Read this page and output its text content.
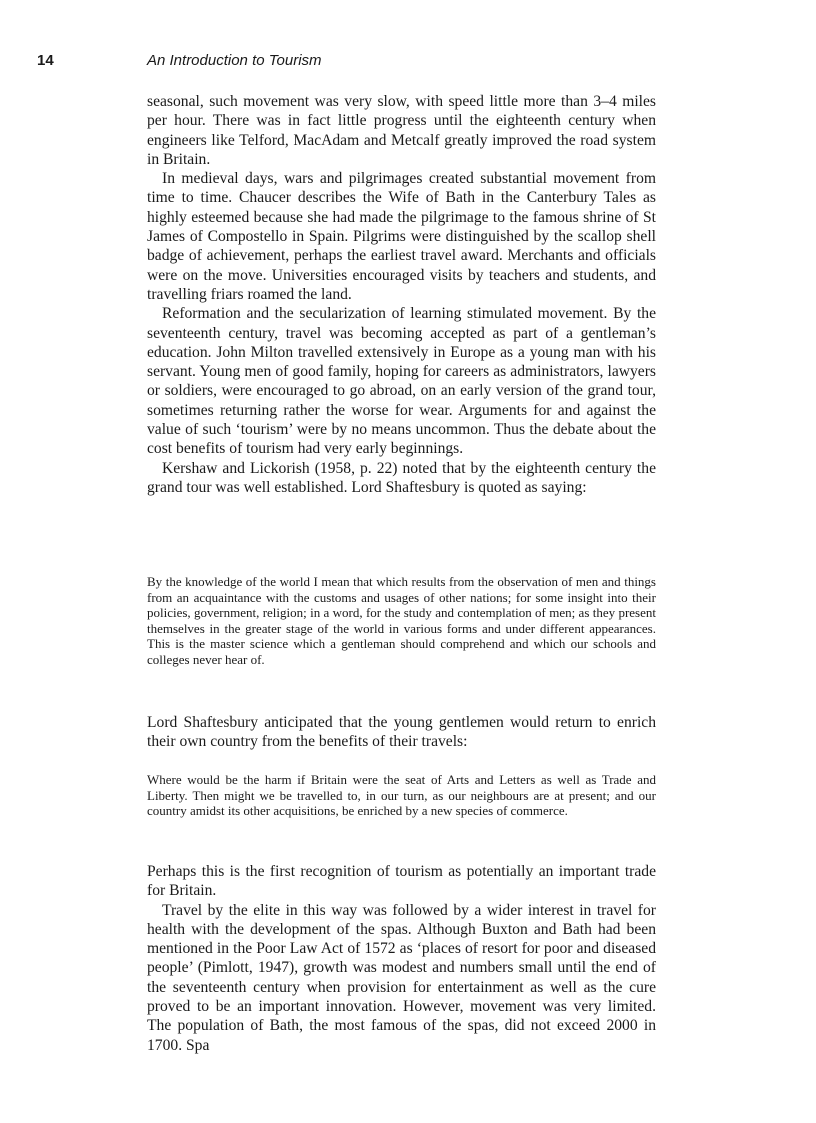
14	An Introduction to Tourism

seasonal, such movement was very slow, with speed little more than 3–4 miles per hour. There was in fact little progress until the eighteenth century when engineers like Telford, MacAdam and Metcalf greatly improved the road system in Britain.

In medieval days, wars and pilgrimages created substantial movement from time to time. Chaucer describes the Wife of Bath in the Canterbury Tales as highly esteemed because she had made the pilgrimage to the famous shrine of St James of Compostello in Spain. Pilgrims were distinguished by the scallop shell badge of achievement, perhaps the earliest travel award. Merchants and officials were on the move. Universities encouraged visits by teachers and students, and travelling friars roamed the land.

Reformation and the secularization of learning stimulated movement. By the seventeenth century, travel was becoming accepted as part of a gentleman’s education. John Milton travelled extensively in Europe as a young man with his servant. Young men of good family, hoping for careers as administrators, lawyers or soldiers, were encouraged to go abroad, on an early version of the grand tour, sometimes returning rather the worse for wear. Arguments for and against the value of such ‘tourism’ were by no means uncommon. Thus the debate about the cost benefits of tourism had very early beginnings.

Kershaw and Lickorish (1958, p. 22) noted that by the eighteenth century the grand tour was well established. Lord Shaftesbury is quoted as saying:

By the knowledge of the world I mean that which results from the observation of men and things from an acquaintance with the customs and usages of other nations; for some insight into their policies, government, religion; in a word, for the study and contemplation of men; as they present themselves in the greater stage of the world in various forms and under different appearances. This is the master science which a gentleman should comprehend and which our schools and colleges never hear of.

Lord Shaftesbury anticipated that the young gentlemen would return to enrich their own country from the benefits of their travels:

Where would be the harm if Britain were the seat of Arts and Letters as well as Trade and Liberty. Then might we be travelled to, in our turn, as our neighbours are at present; and our country amidst its other acquisitions, be enriched by a new species of commerce.

Perhaps this is the first recognition of tourism as potentially an important trade for Britain.

Travel by the elite in this way was followed by a wider interest in travel for health with the development of the spas. Although Buxton and Bath had been mentioned in the Poor Law Act of 1572 as ‘places of resort for poor and diseased people’ (Pimlott, 1947), growth was modest and numbers small until the end of the seventeenth century when provision for entertainment as well as the cure proved to be an important innovation. However, movement was very limited. The population of Bath, the most famous of the spas, did not exceed 2000 in 1700. Spa
